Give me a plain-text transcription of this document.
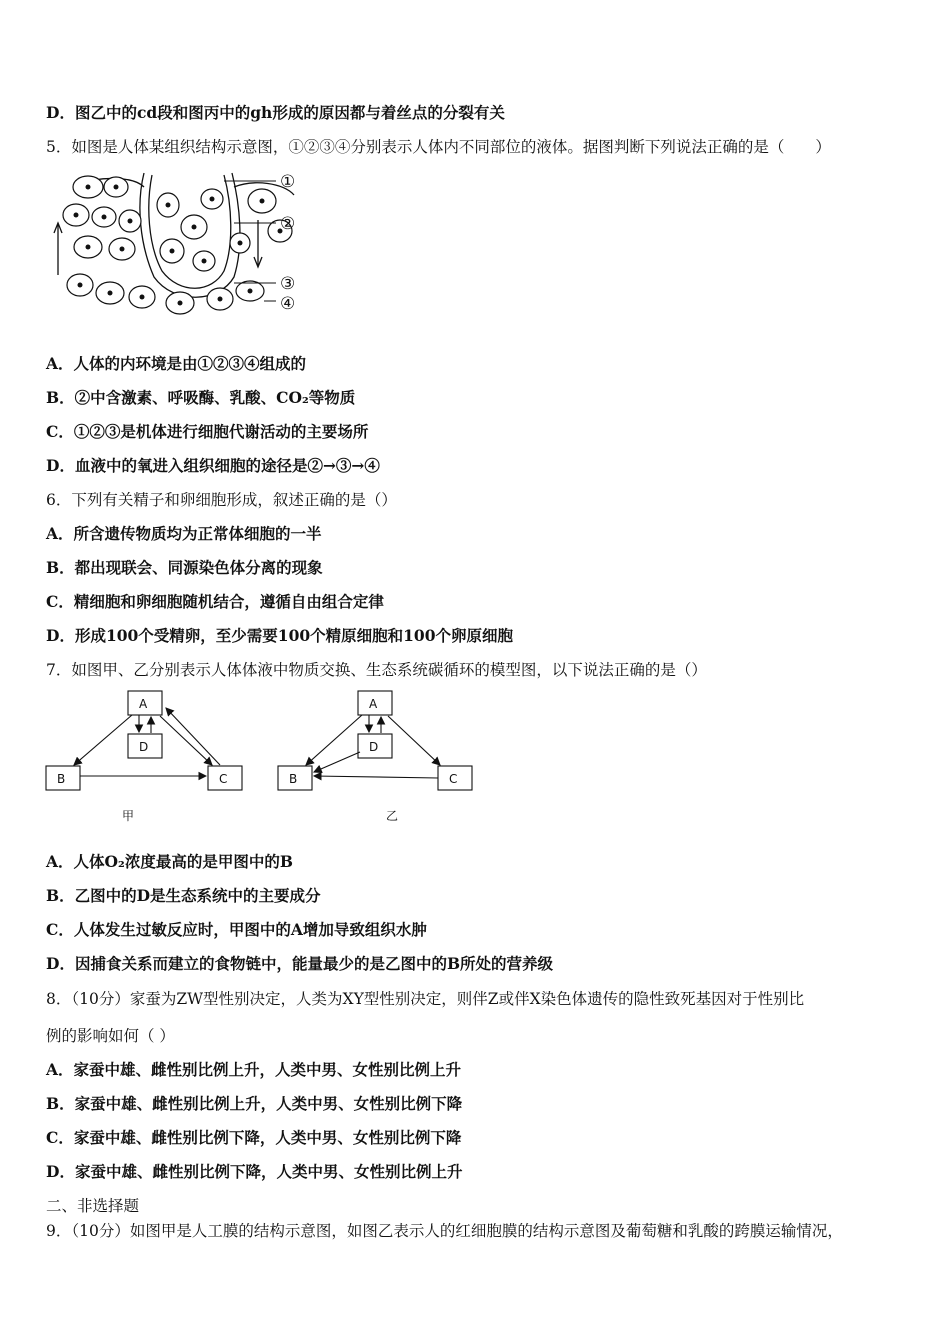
D．图乙中的cd段和图丙中的gh形成的原因都与着丝点的分裂有关
5．如图是人体某组织结构示意图，①②③④分别表示人体内不同部位的液体。据图判断下列说法正确的是（　　）
①
②
③
④
A．人体的内环境是由①②③④组成的
B．②中含激素、呼吸酶、乳酸、CO₂等物质
C．①②③是机体进行细胞代谢活动的主要场所
D．血液中的氧进入组织细胞的途径是②→③→④
6．下列有关精子和卵细胞形成，叙述正确的是（）
A．所含遗传物质均为正常体细胞的一半
B．都出现联会、同源染色体分离的现象
C．精细胞和卵细胞随机结合，遵循自由组合定律
D．形成100个受精卵，至少需要100个精原细胞和100个卵原细胞
7．如图甲、乙分别表示人体体液中物质交换、生态系统碳循环的模型图，以下说法正确的是（）
A
D
B	C
甲
A
D
B	C
乙
A．人体O₂浓度最高的是甲图中的B
B．乙图中的D是生态系统中的主要成分
C．人体发生过敏反应时，甲图中的A增加导致组织水肿
D．因捕食关系而建立的食物链中，能量最少的是乙图中的B所处的营养级
8．（10分）家蚕为ZW型性别决定，人类为XY型性别决定，则伴Z或伴X染色体遗传的隐性致死基因对于性别比
例的影响如何（ ）
A．家蚕中雄、雌性别比例上升，人类中男、女性别比例上升
B．家蚕中雄、雌性别比例上升，人类中男、女性别比例下降
C．家蚕中雄、雌性别比例下降，人类中男、女性别比例下降
D．家蚕中雄、雌性别比例下降，人类中男、女性别比例上升
二、非选择题
9．（10分）如图甲是人工膜的结构示意图，如图乙表示人的红细胞膜的结构示意图及葡萄糖和乳酸的跨膜运输情况，
